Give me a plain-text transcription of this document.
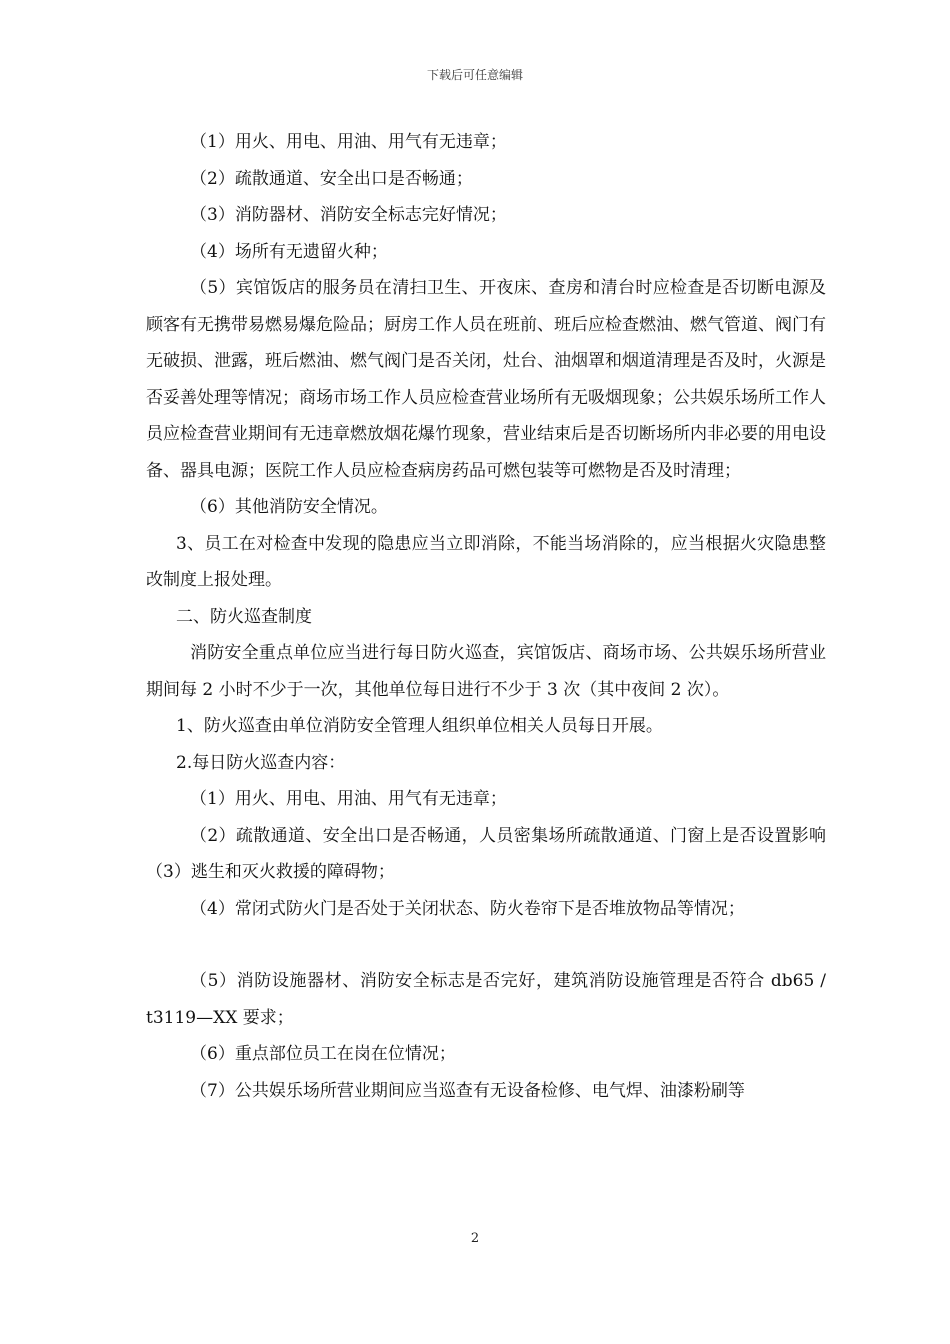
下载后可任意编辑

（1）用火、用电、用油、用气有无违章；

（2）疏散通道、安全出口是否畅通；

（3）消防器材、消防安全标志完好情况；

（4）场所有无遗留火种；

（5）宾馆饭店的服务员在清扫卫生、开夜床、查房和清台时应检查是否切断电源及顾客有无携带易燃易爆危险品；厨房工作人员在班前、班后应检查燃油、燃气管道、阀门有无破损、泄露，班后燃油、燃气阀门是否关闭，灶台、油烟罩和烟道清理是否及时，火源是否妥善处理等情况；商场市场工作人员应检查营业场所有无吸烟现象；公共娱乐场所工作人员应检查营业期间有无违章燃放烟花爆竹现象，营业结束后是否切断场所内非必要的用电设备、器具电源；医院工作人员应检查病房药品可燃包装等可燃物是否及时清理；

（6）其他消防安全情况。

3、员工在对检查中发现的隐患应当立即消除，不能当场消除的，应当根据火灾隐患整改制度上报处理。

二、防火巡查制度

消防安全重点单位应当进行每日防火巡查，宾馆饭店、商场市场、公共娱乐场所营业期间每 2 小时不少于一次，其他单位每日进行不少于 3 次（其中夜间 2 次）。

1、防火巡查由单位消防安全管理人组织单位相关人员每日开展。

2.每日防火巡查内容：

（1）用火、用电、用油、用气有无违章；

（2）疏散通道、安全出口是否畅通，人员密集场所疏散通道、门窗上是否设置影响（3）逃生和灭火救援的障碍物；

（4）常闭式防火门是否处于关闭状态、防火卷帘下是否堆放物品等情况；

（5）消防设施器材、消防安全标志是否完好，建筑消防设施管理是否符合 db65 / t3119—XX 要求；

（6）重点部位员工在岗在位情况；

（7）公共娱乐场所营业期间应当巡查有无设备检修、电气焊、油漆粉刷等

2
